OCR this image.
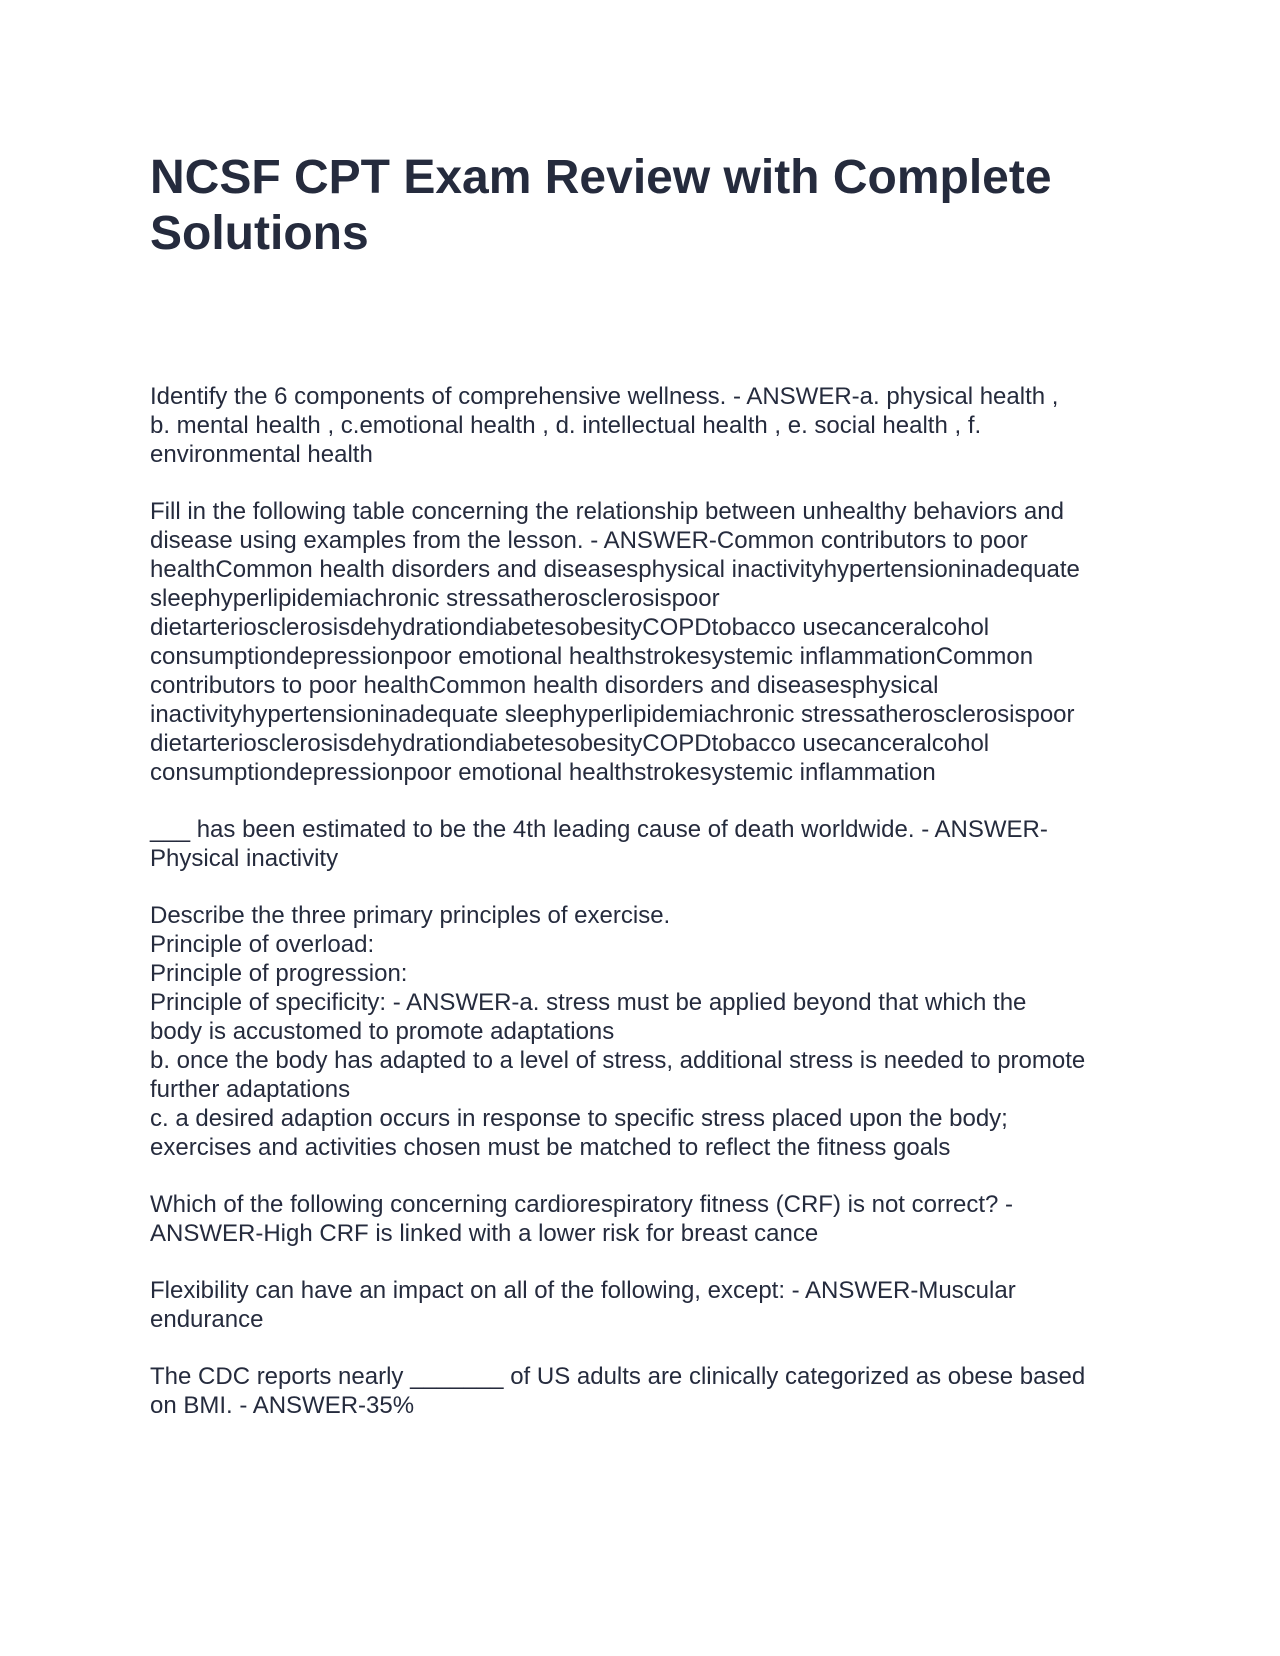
NCSF CPT Exam Review with Complete Solutions

Identify the 6 components of comprehensive wellness. - ANSWER-a. physical health ,
b. mental health , c.emotional health , d. intellectual health , e. social health , f.
environmental health

Fill in the following table concerning the relationship between unhealthy behaviors and
disease using examples from the lesson. - ANSWER-Common contributors to poor
healthCommon health disorders and diseasesphysical inactivityhypertensioninadequate
sleephyperlipidemiachronic stressatherosclerosispoor
dietarteriosclerosisdehydrationdiabetesobesityCOPDtobacco usecanceralcohol
consumptiondepressionpoor emotional healthstrokesystemic inflammationCommon
contributors to poor healthCommon health disorders and diseasesphysical
inactivityhypertensioninadequate sleephyperlipidemiachronic stressatherosclerosispoor
dietarteriosclerosisdehydrationdiabetesobesityCOPDtobacco usecanceralcohol
consumptiondepressionpoor emotional healthstrokesystemic inflammation

___ has been estimated to be the 4th leading cause of death worldwide. - ANSWER-
Physical inactivity

Describe the three primary principles of exercise.
Principle of overload:
Principle of progression:
Principle of specificity: - ANSWER-a. stress must be applied beyond that which the
body is accustomed to promote adaptations
b. once the body has adapted to a level of stress, additional stress is needed to promote
further adaptations
c. a desired adaption occurs in response to specific stress placed upon the body;
exercises and activities chosen must be matched to reflect the fitness goals

Which of the following concerning cardiorespiratory fitness (CRF) is not correct? -
ANSWER-High CRF is linked with a lower risk for breast cance

Flexibility can have an impact on all of the following, except: - ANSWER-Muscular
endurance

The CDC reports nearly _______ of US adults are clinically categorized as obese based
on BMI. - ANSWER-35%
